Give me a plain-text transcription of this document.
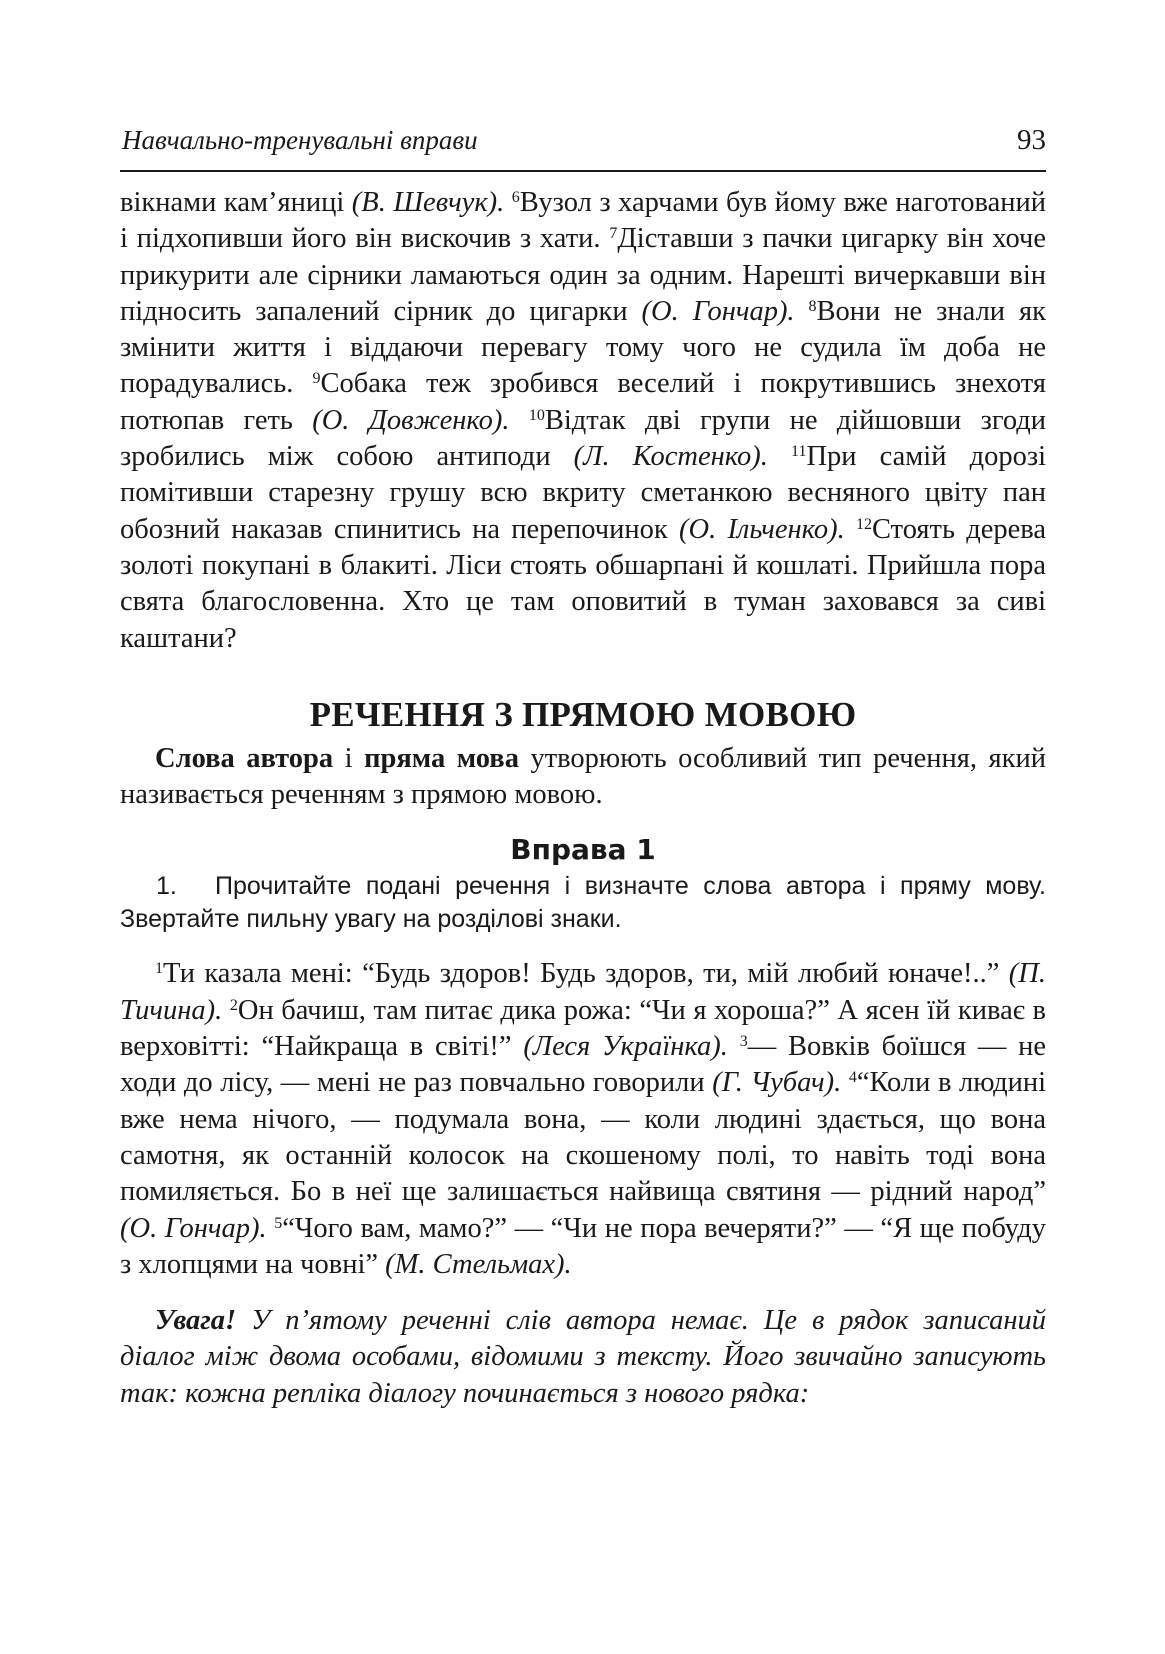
Навчально-тренувальні вправи	93

вікнами кам’яниці (В. Шевчук). $^6$Вузол з харчами був йому вже наготований і підхопивши його він вискочив з хати. $^7$Діставши з пачки цигарку він хоче прикурити але сірники ламаються один за одним. Нарешті вичеркавши він підносить запалений сірник до цигарки (О. Гончар). $^8$Вони не знали як змінити життя і віддаючи перевагу тому чого не судила їм доба не порадувались. $^9$Собака теж зробився веселий і покрутившись знехотя потюпав геть (О. Довженко). $^{10}$Відтак дві групи не дійшовши згоди зробились між собою антиподи (Л. Костенко). $^{11}$При самій дорозі помітивши старезну грушу всю вкриту сметанкою весняного цвіту пан обозний наказав спинитись на перепочинок (О. Ільченко). $^{12}$Стоять дерева золоті покупані в блакиті. Ліси стоять обшарпані й кошлаті. Прийшла пора свята благословенна. Хто це там оповитий в туман заховався за сиві каштани?

РЕЧЕННЯ З ПРЯМОЮ МОВОЮ

Слова автора і пряма мова утворюють особливий тип речення, який називається реченням з прямою мовою.

Вправа 1

1. Прочитайте подані речення і визначте слова автора і пряму мову. Звертайте пильну увагу на розділові знаки.

$^1$Ти казала мені: “Будь здоров! Будь здоров, ти, мій любий юначе!..” (П. Тичина). $^2$Он бачиш, там питає дика рожа: “Чи я хороша?” А ясен їй киває в верховітті: “Найкраща в світі!” (Леся Українка). $^3$— Вовків боїшся — не ходи до лісу, — мені не раз повчально говорили (Г. Чубач). $^4$“Коли в людині вже нема нічого, — подумала вона, — коли людині здається, що вона самотня, як останній колосок на скошеному полі, то навіть тоді вона помиляється. Бо в неї ще залишається найвища святиня — рідний народ” (О. Гончар). $^5$“Чого вам, мамо?” — “Чи не пора вечеряти?” — “Я ще побуду з хлопцями на човні” (М. Стельмах).

Увага! У п’ятому реченні слів автора немає. Це в рядок записаний діалог між двома особами, відомими з тексту. Його звичайно записують так: кожна репліка діалогу починається з нового рядка:
